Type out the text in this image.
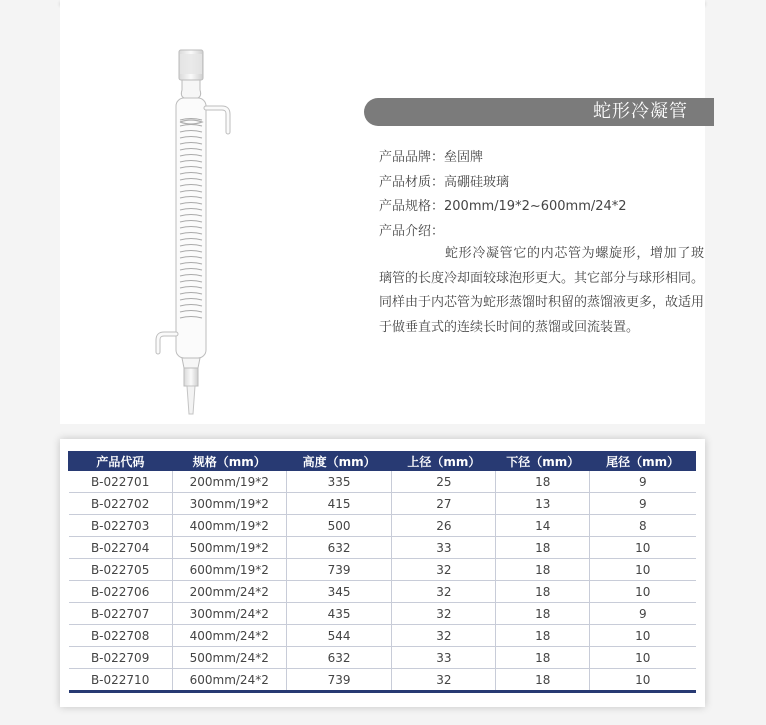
蛇形冷凝管
产品品牌：垒固牌
产品材质：高硼硅玻璃
产品规格：200mm/19*2~600mm/24*2
产品介绍：
蛇形冷凝管它的内芯管为螺旋形，增加了玻璃管的长度冷却面较球泡形更大。其它部分与球形相同。同样由于内芯管为蛇形蒸馏时积留的蒸馏液更多，故适用于做垂直式的连续长时间的蒸馏或回流装置。
产品代码	规格（mm）	高度（mm）	上径（mm）	下径（mm）	尾径（mm）
B-022701	200mm/19*2	335	25	18	9
B-022702	300mm/19*2	415	27	13	9
B-022703	400mm/19*2	500	26	14	8
B-022704	500mm/19*2	632	33	18	10
B-022705	600mm/19*2	739	32	18	10
B-022706	200mm/24*2	345	32	18	10
B-022707	300mm/24*2	435	32	18	9
B-022708	400mm/24*2	544	32	18	10
B-022709	500mm/24*2	632	33	18	10
B-022710	600mm/24*2	739	32	18	10
